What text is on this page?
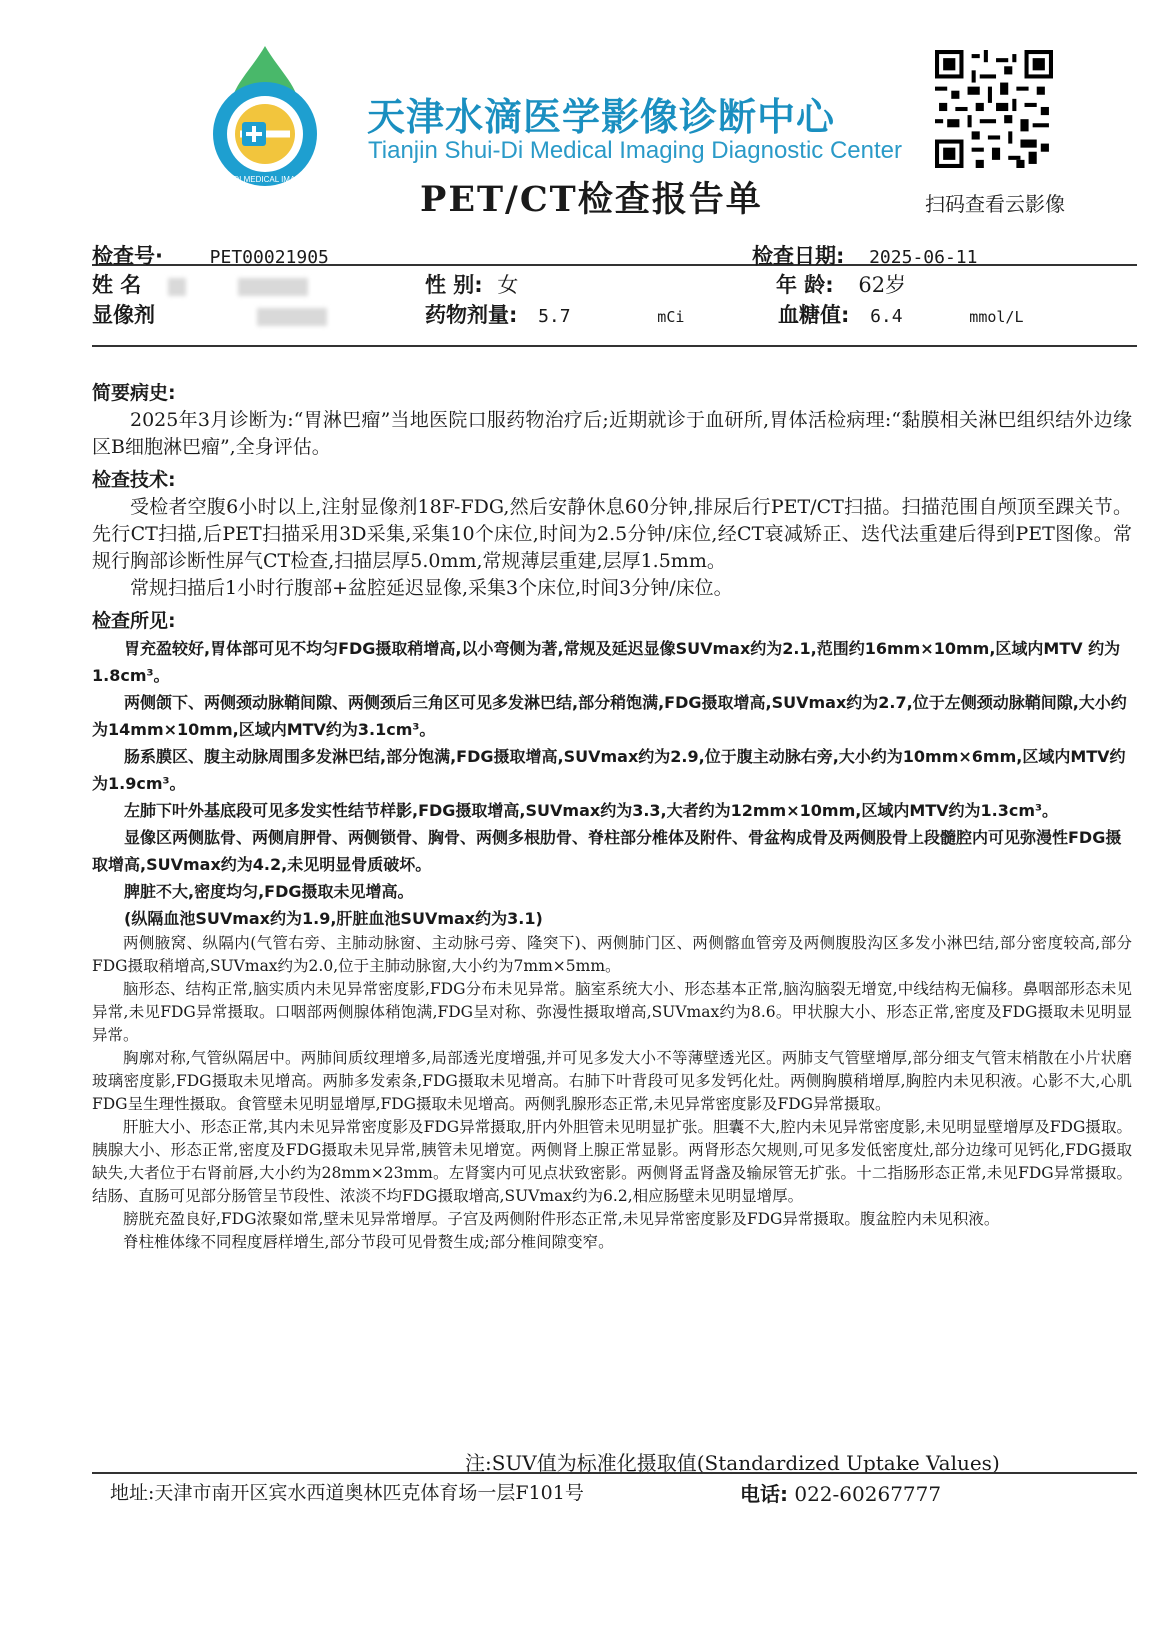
SHUIDI MEDICAL IMAGING
天津水滴医学影像诊断中心
Tianjin Shui-Di Medical Imaging Diagnostic Center
PET/CT检查报告单	扫码查看云影像
检查号·	PET00021905	检查日期: 2025-06-11
姓 名	性 别: 女	年 龄: 62岁
显像剂	药物剂量: 5.7	mCi	血糖值: 6.4	mmol/L
简要病史:

2025年3月诊断为:“胃淋巴瘤”当地医院口服药物治疗后;近期就诊于血研所,胃体活检病理:“黏膜相关淋巴组织结外边缘区B细胞淋巴瘤”,全身评估。

检查技术:

受检者空腹6小时以上,注射显像剂18F-FDG,然后安静休息60分钟,排尿后行PET/CT扫描。扫描范围自颅顶至踝关节。先行CT扫描,后PET扫描采用3D采集,采集10个床位,时间为2.5分钟/床位,经CT衰减矫正、迭代法重建后得到PET图像。常规行胸部诊断性屏气CT检查,扫描层厚5.0mm,常规薄层重建,层厚1.5mm。

常规扫描后1小时行腹部+盆腔延迟显像,采集3个床位,时间3分钟/床位。

检查所见:

胃充盈较好,胃体部可见不均匀FDG摄取稍增高,以小弯侧为著,常规及延迟显像SUVmax约为2.1,范围约16mm×10mm,区域内MTV 约为1.8cm³。

两侧颌下、两侧颈动脉鞘间隙、两侧颈后三角区可见多发淋巴结,部分稍饱满,FDG摄取增高,SUVmax约为2.7,位于左侧颈动脉鞘间隙,大小约为14mm×10mm,区域内MTV约为3.1cm³。

肠系膜区、腹主动脉周围多发淋巴结,部分饱满,FDG摄取增高,SUVmax约为2.9,位于腹主动脉右旁,大小约为10mm×6mm,区域内MTV约为1.9cm³。

左肺下叶外基底段可见多发实性结节样影,FDG摄取增高,SUVmax约为3.3,大者约为12mm×10mm,区域内MTV约为1.3cm³。

显像区两侧肱骨、两侧肩胛骨、两侧锁骨、胸骨、两侧多根肋骨、脊柱部分椎体及附件、骨盆构成骨及两侧股骨上段髓腔内可见弥漫性FDG摄取增高,SUVmax约为4.2,未见明显骨质破坏。

脾脏不大,密度均匀,FDG摄取未见增高。

(纵隔血池SUVmax约为1.9,肝脏血池SUVmax约为3.1)

两侧腋窝、纵隔内(气管右旁、主肺动脉窗、主动脉弓旁、隆突下)、两侧肺门区、两侧髂血管旁及两侧腹股沟区多发小淋巴结,部分密度较高,部分FDG摄取稍增高,SUVmax约为2.0,位于主肺动脉窗,大小约为7mm×5mm。

脑形态、结构正常,脑实质内未见异常密度影,FDG分布未见异常。脑室系统大小、形态基本正常,脑沟脑裂无增宽,中线结构无偏移。鼻咽部形态未见异常,未见FDG异常摄取。口咽部两侧腺体稍饱满,FDG呈对称、弥漫性摄取增高,SUVmax约为8.6。甲状腺大小、形态正常,密度及FDG摄取未见明显异常。

胸廓对称,气管纵隔居中。两肺间质纹理增多,局部透光度增强,并可见多发大小不等薄壁透光区。两肺支气管壁增厚,部分细支气管末梢散在小片状磨玻璃密度影,FDG摄取未见增高。两肺多发索条,FDG摄取未见增高。右肺下叶背段可见多发钙化灶。两侧胸膜稍增厚,胸腔内未见积液。心影不大,心肌FDG呈生理性摄取。食管壁未见明显增厚,FDG摄取未见增高。两侧乳腺形态正常,未见异常密度影及FDG异常摄取。

肝脏大小、形态正常,其内未见异常密度影及FDG异常摄取,肝内外胆管未见明显扩张。胆囊不大,腔内未见异常密度影,未见明显壁增厚及FDG摄取。胰腺大小、形态正常,密度及FDG摄取未见异常,胰管未见增宽。两侧肾上腺正常显影。两肾形态欠规则,可见多发低密度灶,部分边缘可见钙化,FDG摄取缺失,大者位于右肾前唇,大小约为28mm×23mm。左肾窦内可见点状致密影。两侧肾盂肾盏及输尿管无扩张。十二指肠形态正常,未见FDG异常摄取。结肠、直肠可见部分肠管呈节段性、浓淡不均FDG摄取增高,SUVmax约为6.2,相应肠壁未见明显增厚。

膀胱充盈良好,FDG浓聚如常,壁未见异常增厚。子宫及两侧附件形态正常,未见异常密度影及FDG异常摄取。腹盆腔内未见积液。

脊柱椎体缘不同程度唇样增生,部分节段可见骨赘生成;部分椎间隙变窄。

注:SUV值为标准化摄取值(Standardized Uptake Values)
地址:天津市南开区宾水西道奥林匹克体育场一层F101号	电话: 022-60267777
